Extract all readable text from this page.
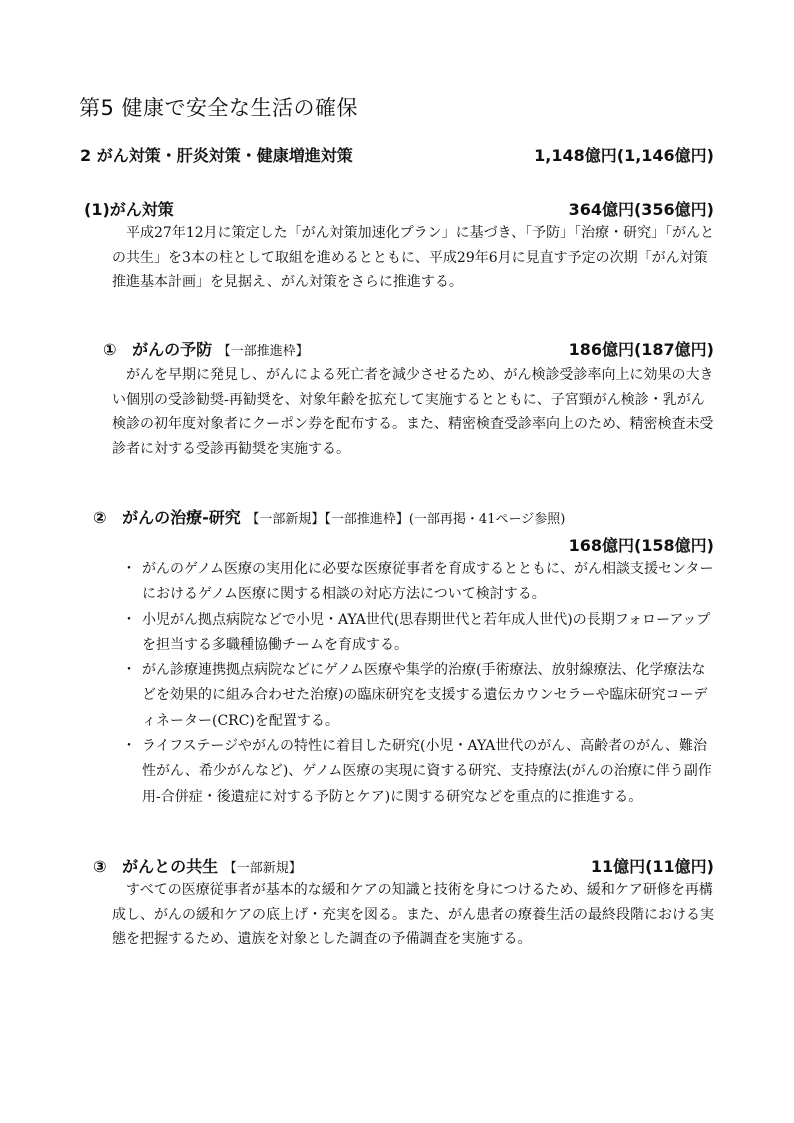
第5 健康で安全な生活の確保
2 がん対策・肝炎対策・健康増進対策	1,148億円(1,146億円)
(1)がん対策	364億円(356億円)

平成27年12月に策定した「がん対策加速化プラン」に基づき、「予防」「治療・研究」「がんとの共生」を3本の柱として取組を進めるとともに、平成29年6月に見直す予定の次期「がん対策推進基本計画」を見据え、がん対策をさらに推進する。

① がんの予防 【一部推進枠】	186億円(187億円)

がんを早期に発見し、がんによる死亡者を減少させるため、がん検診受診率向上に効果の大きい個別の受診勧奨-再勧奨を、対象年齢を拡充して実施するとともに、子宮頸がん検診・乳がん検診の初年度対象者にクーポン券を配布する。また、精密検査受診率向上のため、精密検査未受診者に対する受診再勧奨を実施する。

② がんの治療-研究 【一部新規】【一部推進枠】(一部再掲・41ページ参照)
168億円(158億円)
・ がんのゲノム医療の実用化に必要な医療従事者を育成するとともに、がん相談支援センターにおけるゲノム医療に関する相談の対応方法について検討する。
・ 小児がん拠点病院などで小児・AYA世代(思春期世代と若年成人世代)の長期フォローアップを担当する多職種協働チームを育成する。
・ がん診療連携拠点病院などにゲノム医療や集学的治療(手術療法、放射線療法、化学療法などを効果的に組み合わせた治療)の臨床研究を支援する遺伝カウンセラーや臨床研究コーディネーター(CRC)を配置する。
・ ライフステージやがんの特性に着目した研究(小児・AYA世代のがん、高齢者のがん、難治性がん、希少がんなど)、ゲノム医療の実現に資する研究、支持療法(がんの治療に伴う副作用-合併症・後遺症に対する予防とケア)に関する研究などを重点的に推進する。
③ がんとの共生 【一部新規】	11億円(11億円)

すべての医療従事者が基本的な緩和ケアの知識と技術を身につけるため、緩和ケア研修を再構成し、がんの緩和ケアの底上げ・充実を図る。また、がん患者の療養生活の最終段階における実態を把握するため、遺族を対象とした調査の予備調査を実施する。
